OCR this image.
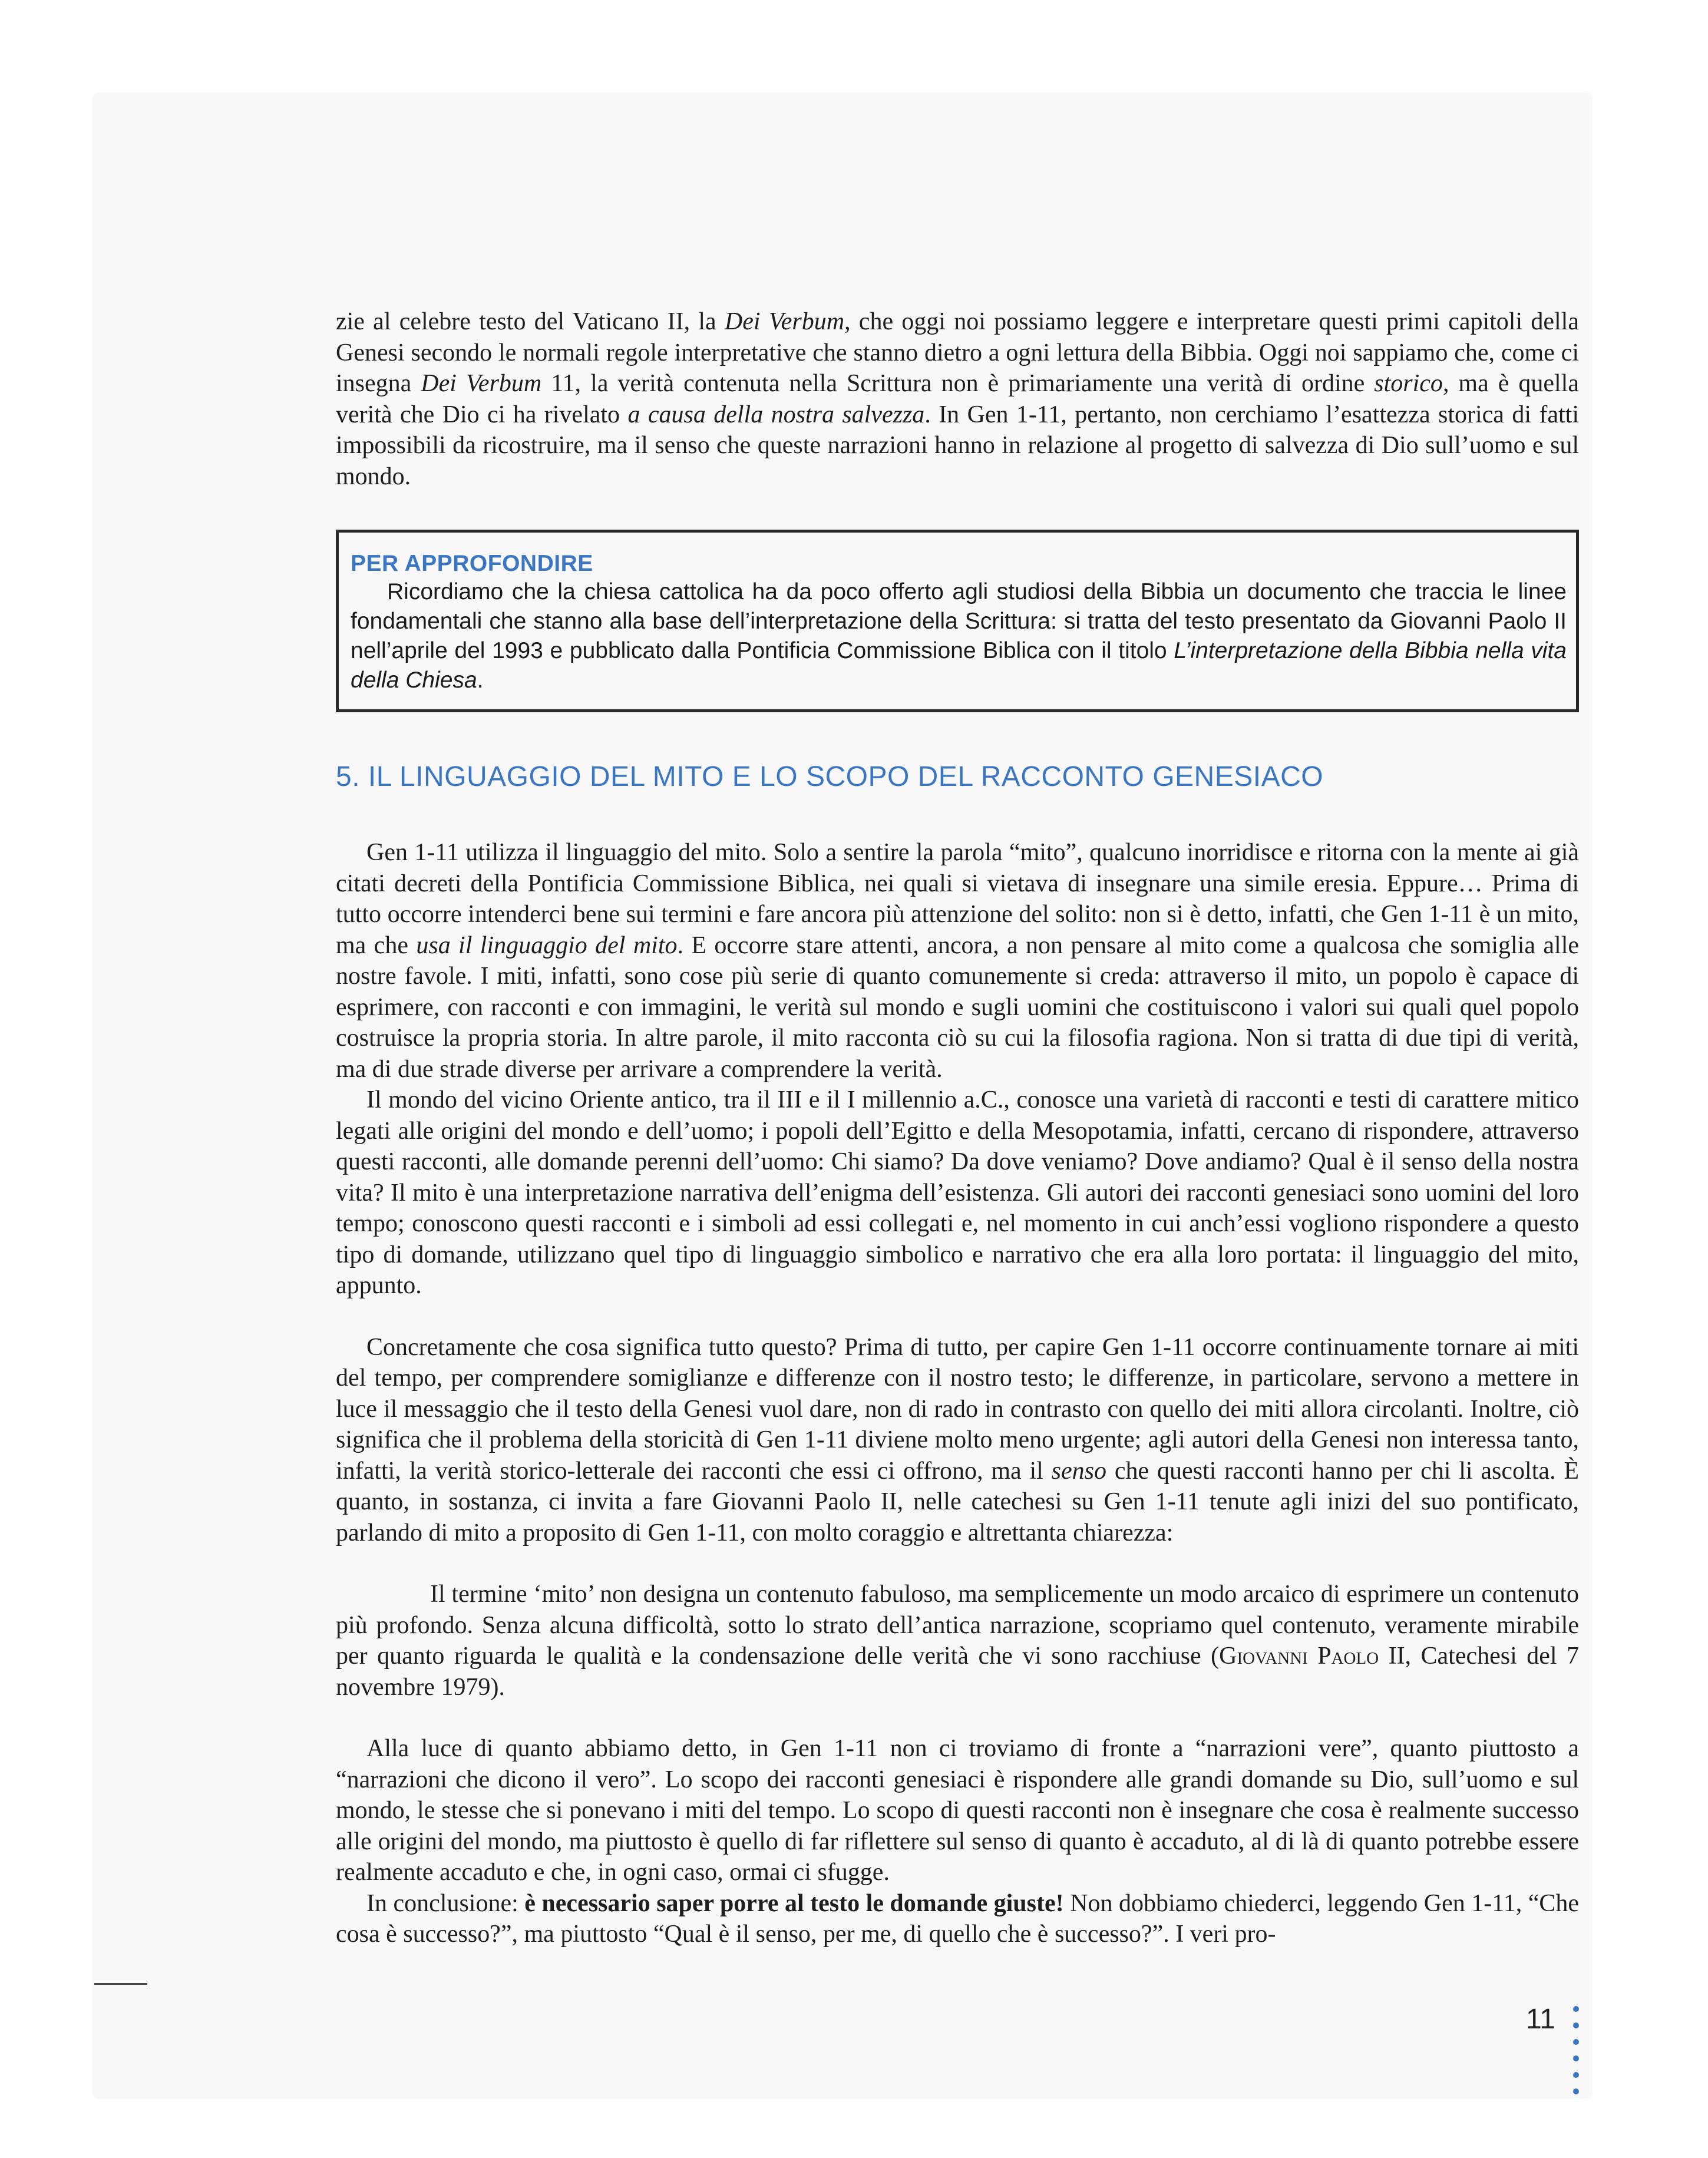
zie al celebre testo del Vaticano II, la Dei Verbum, che oggi noi possiamo leggere e interpretare questi primi capitoli della Genesi secondo le normali regole interpretative che stanno dietro a ogni lettura della Bibbia. Oggi noi sappiamo che, come ci insegna Dei Verbum 11, la verità contenuta nella Scrittura non è primariamente una verità di ordine storico, ma è quella verità che Dio ci ha rivelato a causa della nostra salvezza. In Gen 1-11, pertanto, non cerchiamo l’esattezza storica di fatti impossibili da ricostruire, ma il senso che queste narrazioni hanno in relazione al progetto di salvezza di Dio sull’uomo e sul mondo.

PER APPROFONDIRE

Ricordiamo che la chiesa cattolica ha da poco offerto agli studiosi della Bibbia un documento che traccia le linee fondamentali che stanno alla base dell’interpretazione della Scrittura: si tratta del testo presentato da Giovanni Paolo II nell’aprile del 1993 e pubblicato dalla Pontificia Commissione Biblica con il titolo L’interpretazione della Bibbia nella vita della Chiesa.

5. IL LINGUAGGIO DEL MITO E LO SCOPO DEL RACCONTO GENESIACO

Gen 1-11 utilizza il linguaggio del mito. Solo a sentire la parola “mito”, qualcuno inorridisce e ritorna con la mente ai già citati decreti della Pontificia Commissione Biblica, nei quali si vietava di insegnare una simile eresia. Eppure… Prima di tutto occorre intenderci bene sui termini e fare ancora più attenzione del solito: non si è detto, infatti, che Gen 1-11 è un mito, ma che usa il linguaggio del mito. E occorre stare attenti, ancora, a non pensare al mito come a qualcosa che somiglia alle nostre favole. I miti, infatti, sono cose più serie di quanto comunemente si creda: attraverso il mito, un popolo è capace di esprimere, con racconti e con immagini, le verità sul mondo e sugli uomini che costituiscono i valori sui quali quel popolo costruisce la propria storia. In altre parole, il mito racconta ciò su cui la filosofia ragiona. Non si tratta di due tipi di verità, ma di due strade diverse per arrivare a comprendere la verità.

Il mondo del vicino Oriente antico, tra il III e il I millennio a.C., conosce una varietà di racconti e testi di carattere mitico legati alle origini del mondo e dell’uomo; i popoli dell’Egitto e della Mesopotamia, infatti, cercano di rispondere, attraverso questi racconti, alle domande perenni dell’uomo: Chi siamo? Da dove veniamo? Dove andiamo? Qual è il senso della nostra vita? Il mito è una interpretazione narrativa dell’enigma dell’esistenza. Gli autori dei racconti genesiaci sono uomini del loro tempo; conoscono questi racconti e i simboli ad essi collegati e, nel momento in cui anch’essi vogliono rispondere a questo tipo di domande, utilizzano quel tipo di linguaggio simbolico e narrativo che era alla loro portata: il linguaggio del mito, appunto.

Concretamente che cosa significa tutto questo? Prima di tutto, per capire Gen 1-11 occorre continuamente tornare ai miti del tempo, per comprendere somiglianze e differenze con il nostro testo; le differenze, in particolare, servono a mettere in luce il messaggio che il testo della Genesi vuol dare, non di rado in contrasto con quello dei miti allora circolanti. Inoltre, ciò significa che il problema della storicità di Gen 1-11 diviene molto meno urgente; agli autori della Genesi non interessa tanto, infatti, la verità storico-letterale dei racconti che essi ci offrono, ma il senso che questi racconti hanno per chi li ascolta. È quanto, in sostanza, ci invita a fare Giovanni Paolo II, nelle catechesi su Gen 1-11 tenute agli inizi del suo pontificato, parlando di mito a proposito di Gen 1-11, con molto coraggio e altrettanta chiarezza:

Il termine ‘mito’ non designa un contenuto fabuloso, ma semplicemente un modo arcaico di esprimere un contenuto più profondo. Senza alcuna difficoltà, sotto lo strato dell’antica narrazione, scopriamo quel contenuto, veramente mirabile per quanto riguarda le qualità e la condensazione delle verità che vi sono racchiuse (Giovanni Paolo II, Catechesi del 7 novembre 1979).

Alla luce di quanto abbiamo detto, in Gen 1-11 non ci troviamo di fronte a “narrazioni vere”, quanto piuttosto a “narrazioni che dicono il vero”. Lo scopo dei racconti genesiaci è rispondere alle grandi domande su Dio, sull’uomo e sul mondo, le stesse che si ponevano i miti del tempo. Lo scopo di questi racconti non è insegnare che cosa è realmente successo alle origini del mondo, ma piuttosto è quello di far riflettere sul senso di quanto è accaduto, al di là di quanto potrebbe essere realmente accaduto e che, in ogni caso, ormai ci sfugge.

In conclusione: è necessario saper porre al testo le domande giuste! Non dobbiamo chiederci, leggendo Gen 1-11, “Che cosa è successo?”, ma piuttosto “Qual è il senso, per me, di quello che è successo?”. I veri pro-

11
